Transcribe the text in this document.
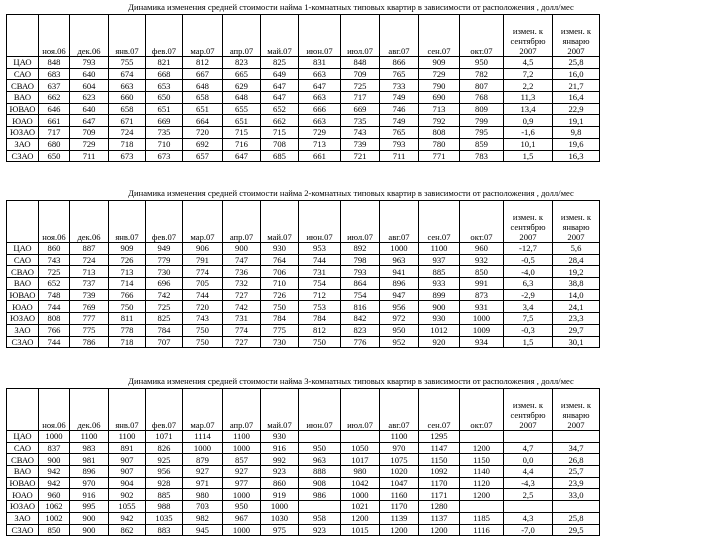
Динамика изменения средней стоимости найма 1-комнатных типовых квартир в зависимости от расположения , долл/мес
	ноя.06	дек.06	янв.07	фев.07	мар.07	апр.07	май.07	июн.07	июл.07	авг.07	сен.07	окт.07	измен. к сентябрю 2007	измен. к январю 2007
ЦАО	848	793	755	821	812	823	825	831	848	866	909	950	4,5	25,8
САО	683	640	674	668	667	665	649	663	709	765	729	782	7,2	16,0
СВАО	637	604	663	653	648	629	647	647	725	733	790	807	2,2	21,7
ВАО	662	623	660	650	658	648	647	663	717	749	690	768	11,3	16,4
ЮВАО	646	640	658	651	651	655	652	666	669	746	713	809	13,4	22,9
ЮАО	661	647	671	669	664	651	662	663	735	749	792	799	0,9	19,1
ЮЗАО	717	709	724	735	720	715	715	729	743	765	808	795	-1,6	9,8
ЗАО	680	729	718	710	692	716	708	713	739	793	780	859	10,1	19,6
СЗАО	650	711	673	673	657	647	685	661	721	711	771	783	1,5	16,3
Динамика изменения средней стоимости найма 2-комнатных типовых квартир в зависимости от расположения , долл/мес
	ноя.06	дек.06	янв.07	фев.07	мар.07	апр.07	май.07	июн.07	июл.07	авг.07	сен.07	окт.07	измен. к сентябрю 2007	измен. к январю 2007
ЦАО	860	887	909	949	906	900	930	953	892	1000	1100	960	-12,7	5,6
САО	743	724	726	779	791	747	764	744	798	963	937	932	-0,5	28,4
СВАО	725	713	713	730	774	736	706	731	793	941	885	850	-4,0	19,2
ВАО	652	737	714	696	705	732	710	754	864	896	933	991	6,3	38,8
ЮВАО	748	739	766	742	744	727	726	712	754	947	899	873	-2,9	14,0
ЮАО	744	769	750	725	720	742	750	753	816	956	900	931	3,4	24,1
ЮЗАО	808	777	811	825	743	731	784	784	842	972	930	1000	7,5	23,3
ЗАО	766	775	778	784	750	774	775	812	823	950	1012	1009	-0,3	29,7
СЗАО	744	786	718	707	750	727	730	750	776	952	920	934	1,5	30,1
Динамика изменения средней стоимости найма 3-комнатных типовых квартир в зависимости от расположения , долл/мес
	ноя.06	дек.06	янв.07	фев.07	мар.07	апр.07	май.07	июн.07	июл.07	авг.07	сен.07	окт.07	измен. к сентябрю 2007	измен. к январю 2007
ЦАО	1000	1100	1100	1071	1114	1100	930			1100	1295			
САО	837	983	891	826	1000	1000	916	950	1050	970	1147	1200	4,7	34,7
СВАО	900	981	907	925	879	857	992	963	1017	1075	1150	1150	0,0	26,8
ВАО	942	896	907	956	927	927	923	888	980	1020	1092	1140	4,4	25,7
ЮВАО	942	970	904	928	971	977	860	908	1042	1047	1170	1120	-4,3	23,9
ЮАО	960	916	902	885	980	1000	919	986	1000	1160	1171	1200	2,5	33,0
ЮЗАО	1062	995	1055	988	703	950	1000		1021	1170	1280			
ЗАО	1002	900	942	1035	982	967	1030	958	1200	1139	1137	1185	4,3	25,8
СЗАО	850	900	862	883	945	1000	975	923	1015	1200	1200	1116	-7,0	29,5
